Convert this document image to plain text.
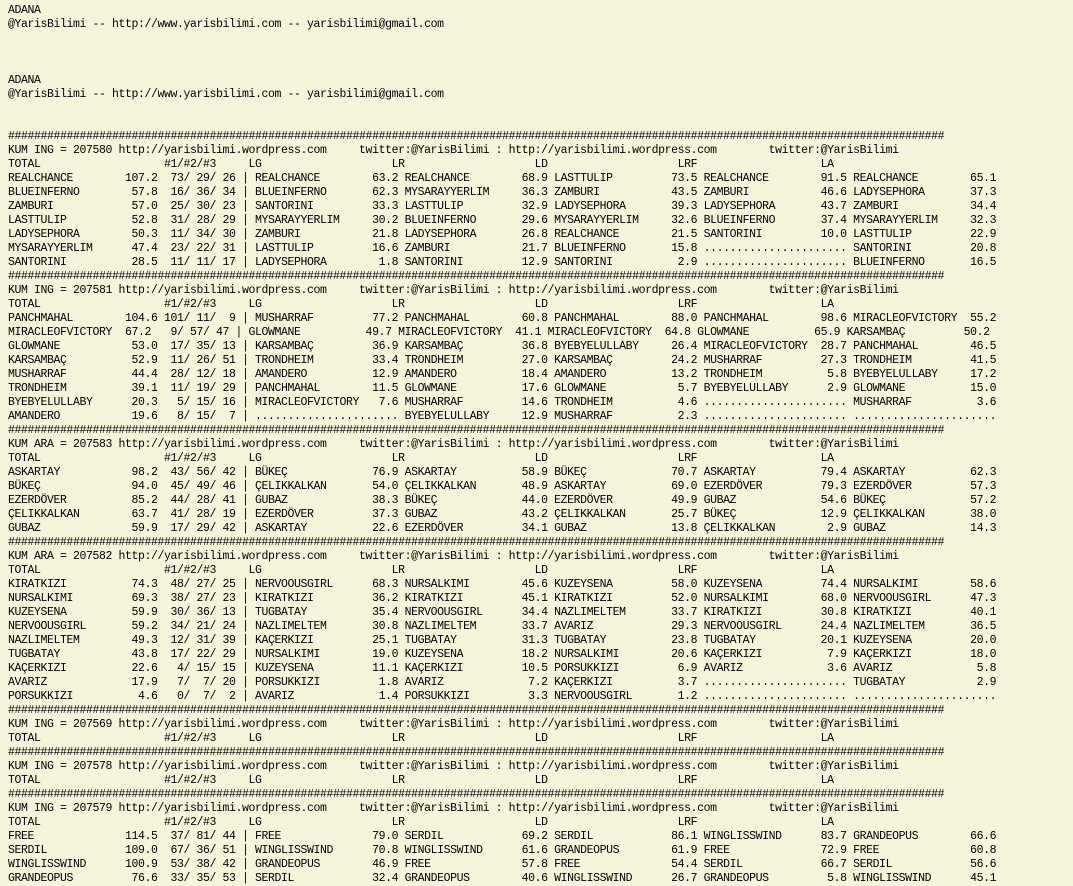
ADANA
@YarisBilimi -- http://www.yarisbilimi.com -- yarisbilimi@gmail.com
ADANA
@YarisBilimi -- http://www.yarisbilimi.com -- yarisbilimi@gmail.com
################################################################################################################################################
KUM ING = 207580 http://yarisbilimi.wordpress.com     twitter:@YarisBilimi : http://yarisbilimi.wordpress.com        twitter:@YarisBilimi
TOTAL                   #1/#2/#3     LG                    LR                    LD                    LRF                   LA
REALCHANCE        107.2  73/ 29/ 26 | REALCHANCE        63.2 REALCHANCE        68.9 LASTTULIP         73.5 REALCHANCE        91.5 REALCHANCE        65.1
BLUEINFERNO        57.8  16/ 36/ 34 | BLUEINFERNO       62.3 MYSARAYYERLIM     36.3 ZAMBURI           43.5 ZAMBURI           46.6 LADYSEPHORA       37.3
ZAMBURI            57.0  25/ 30/ 23 | SANTORINI         33.3 LASTTULIP         32.9 LADYSEPHORA       39.3 LADYSEPHORA       43.7 ZAMBURI           34.4
LASTTULIP          52.8  31/ 28/ 29 | MYSARAYYERLIM     30.2 BLUEINFERNO       29.6 MYSARAYYERLIM     32.6 BLUEINFERNO       37.4 MYSARAYYERLIM     32.3
LADYSEPHORA        50.3  11/ 34/ 30 | ZAMBURI           21.8 LADYSEPHORA       26.8 REALCHANCE        21.5 SANTORINI         10.0 LASTTULIP         22.9
MYSARAYYERLIM      47.4  23/ 22/ 31 | LASTTULIP         16.6 ZAMBURI           21.7 BLUEINFERNO       15.8 ...................... SANTORINI         20.8
SANTORINI          28.5  11/ 11/ 17 | LADYSEPHORA        1.8 SANTORINI         12.9 SANTORINI          2.9 ...................... BLUEINFERNO       16.5
################################################################################################################################################
KUM ING = 207581 http://yarisbilimi.wordpress.com     twitter:@YarisBilimi : http://yarisbilimi.wordpress.com        twitter:@YarisBilimi
TOTAL                   #1/#2/#3     LG                    LR                    LD                    LRF                   LA
PANCHMAHAL        104.6 101/ 11/  9 | MUSHARRAF         77.2 PANCHMAHAL        60.8 PANCHMAHAL        88.0 PANCHMAHAL        98.6 MIRACLEOFVICTORY  55.2
MIRACLEOFVICTORY  67.2   9/ 57/ 47 | GLOWMANE          49.7 MIRACLEOFVICTORY  41.1 MIRACLEOFVICTORY  64.8 GLOWMANE          65.9 KARSAMBAÇ         50.2
GLOWMANE           53.0  17/ 35/ 13 | KARSAMBAÇ         36.9 KARSAMBAÇ         36.8 BYEBYELULLABY     26.4 MIRACLEOFVICTORY  28.7 PANCHMAHAL        46.5
KARSAMBAÇ          52.9  11/ 26/ 51 | TRONDHEIM         33.4 TRONDHEIM         27.0 KARSAMBAÇ         24.2 MUSHARRAF         27.3 TRONDHEIM         41.5
MUSHARRAF          44.4  28/ 12/ 18 | AMANDERO          12.9 AMANDERO          18.4 AMANDERO          13.2 TRONDHEIM          5.8 BYEBYELULLABY     17.2
TRONDHEIM          39.1  11/ 19/ 29 | PANCHMAHAL        11.5 GLOWMANE          17.6 GLOWMANE           5.7 BYEBYELULLABY      2.9 GLOWMANE          15.0
BYEBYELULLABY      20.3   5/ 15/ 16 | MIRACLEOFVICTORY   7.6 MUSHARRAF         14.6 TRONDHEIM          4.6 ...................... MUSHARRAF          3.6
AMANDERO           19.6   8/ 15/  7 | ...................... BYEBYELULLABY     12.9 MUSHARRAF          2.3 ...................... ......................
################################################################################################################################################
KUM ARA = 207583 http://yarisbilimi.wordpress.com     twitter:@YarisBilimi : http://yarisbilimi.wordpress.com        twitter:@YarisBilimi
TOTAL                   #1/#2/#3     LG                    LR                    LD                    LRF                   LA
ASKARTAY           98.2  43/ 56/ 42 | BÜKEÇ             76.9 ASKARTAY          58.9 BÜKEÇ             70.7 ASKARTAY          79.4 ASKARTAY          62.3
BÜKEÇ              94.0  45/ 49/ 46 | ÇELIKKALKAN       54.0 ÇELIKKALKAN       48.9 ASKARTAY          69.0 EZERDÖVER         79.3 EZERDÖVER         57.3
EZERDÖVER          85.2  44/ 28/ 41 | GUBAZ             38.3 BÜKEÇ             44.0 EZERDÖVER         49.9 GUBAZ             54.6 BÜKEÇ             57.2
ÇELIKKALKAN        63.7  41/ 28/ 19 | EZERDÖVER         37.3 GUBAZ             43.2 ÇELIKKALKAN       25.7 BÜKEÇ             12.9 ÇELIKKALKAN       38.0
GUBAZ              59.9  17/ 29/ 42 | ASKARTAY          22.6 EZERDÖVER         34.1 GUBAZ             13.8 ÇELIKKALKAN        2.9 GUBAZ             14.3
################################################################################################################################################
KUM ARA = 207582 http://yarisbilimi.wordpress.com     twitter:@YarisBilimi : http://yarisbilimi.wordpress.com        twitter:@YarisBilimi
TOTAL                   #1/#2/#3     LG                    LR                    LD                    LRF                   LA
KIRATKIZI          74.3  48/ 27/ 25 | NERVOOUSGIRL      68.3 NURSALKIMI        45.6 KUZEYSENA         58.0 KUZEYSENA         74.4 NURSALKIMI        58.6
NURSALKIMI         69.3  38/ 27/ 23 | KIRATKIZI         36.2 KIRATKIZI         45.1 KIRATKIZI         52.0 NURSALKIMI        68.0 NERVOOUSGIRL      47.3
KUZEYSENA          59.9  30/ 36/ 13 | TUGBATAY          35.4 NERVOOUSGIRL      34.4 NAZLIMELTEM       33.7 KIRATKIZI         30.8 KIRATKIZI         40.1
NERVOOUSGIRL       59.2  34/ 21/ 24 | NAZLIMELTEM       30.8 NAZLIMELTEM       33.7 AVARIZ            29.3 NERVOOUSGIRL      24.4 NAZLIMELTEM       36.5
NAZLIMELTEM        49.3  12/ 31/ 39 | KAÇERKIZI         25.1 TUGBATAY          31.3 TUGBATAY          23.8 TUGBATAY          20.1 KUZEYSENA         20.0
TUGBATAY           43.8  17/ 22/ 29 | NURSALKIMI        19.0 KUZEYSENA         18.2 NURSALKIMI        20.6 KAÇERKIZI          7.9 KAÇERKIZI         18.0
KAÇERKIZI          22.6   4/ 15/ 15 | KUZEYSENA         11.1 KAÇERKIZI         10.5 PORSUKKIZI         6.9 AVARIZ             3.6 AVARIZ             5.8
AVARIZ             17.9   7/  7/ 20 | PORSUKKIZI         1.8 AVARIZ             7.2 KAÇERKIZI          3.7 ...................... TUGBATAY           2.9
PORSUKKIZI          4.6   0/  7/  2 | AVARIZ             1.4 PORSUKKIZI         3.3 NERVOOUSGIRL       1.2 ...................... ......................
################################################################################################################################################
KUM ING = 207569 http://yarisbilimi.wordpress.com     twitter:@YarisBilimi : http://yarisbilimi.wordpress.com        twitter:@YarisBilimi
TOTAL                   #1/#2/#3     LG                    LR                    LD                    LRF                   LA
################################################################################################################################################
KUM ING = 207578 http://yarisbilimi.wordpress.com     twitter:@YarisBilimi : http://yarisbilimi.wordpress.com        twitter:@YarisBilimi
TOTAL                   #1/#2/#3     LG                    LR                    LD                    LRF                   LA
################################################################################################################################################
KUM ING = 207579 http://yarisbilimi.wordpress.com     twitter:@YarisBilimi : http://yarisbilimi.wordpress.com        twitter:@YarisBilimi
TOTAL                   #1/#2/#3     LG                    LR                    LD                    LRF                   LA
FREE              114.5  37/ 81/ 44 | FREE              79.0 SERDIL            69.2 SERDIL            86.1 WINGLISSWIND      83.7 GRANDEOPUS        66.6
SERDIL            109.0  67/ 36/ 51 | WINGLISSWIND      70.8 WINGLISSWIND      61.6 GRANDEOPUS        61.9 FREE              72.9 FREE              60.8
WINGLISSWIND      100.9  53/ 38/ 42 | GRANDEOPUS        46.9 FREE              57.8 FREE              54.4 SERDIL            66.7 SERDIL            56.6
GRANDEOPUS         76.6  33/ 35/ 53 | SERDIL            32.4 GRANDEOPUS        40.6 WINGLISSWIND      26.7 GRANDEOPUS         5.8 WINGLISSWIND      45.1
